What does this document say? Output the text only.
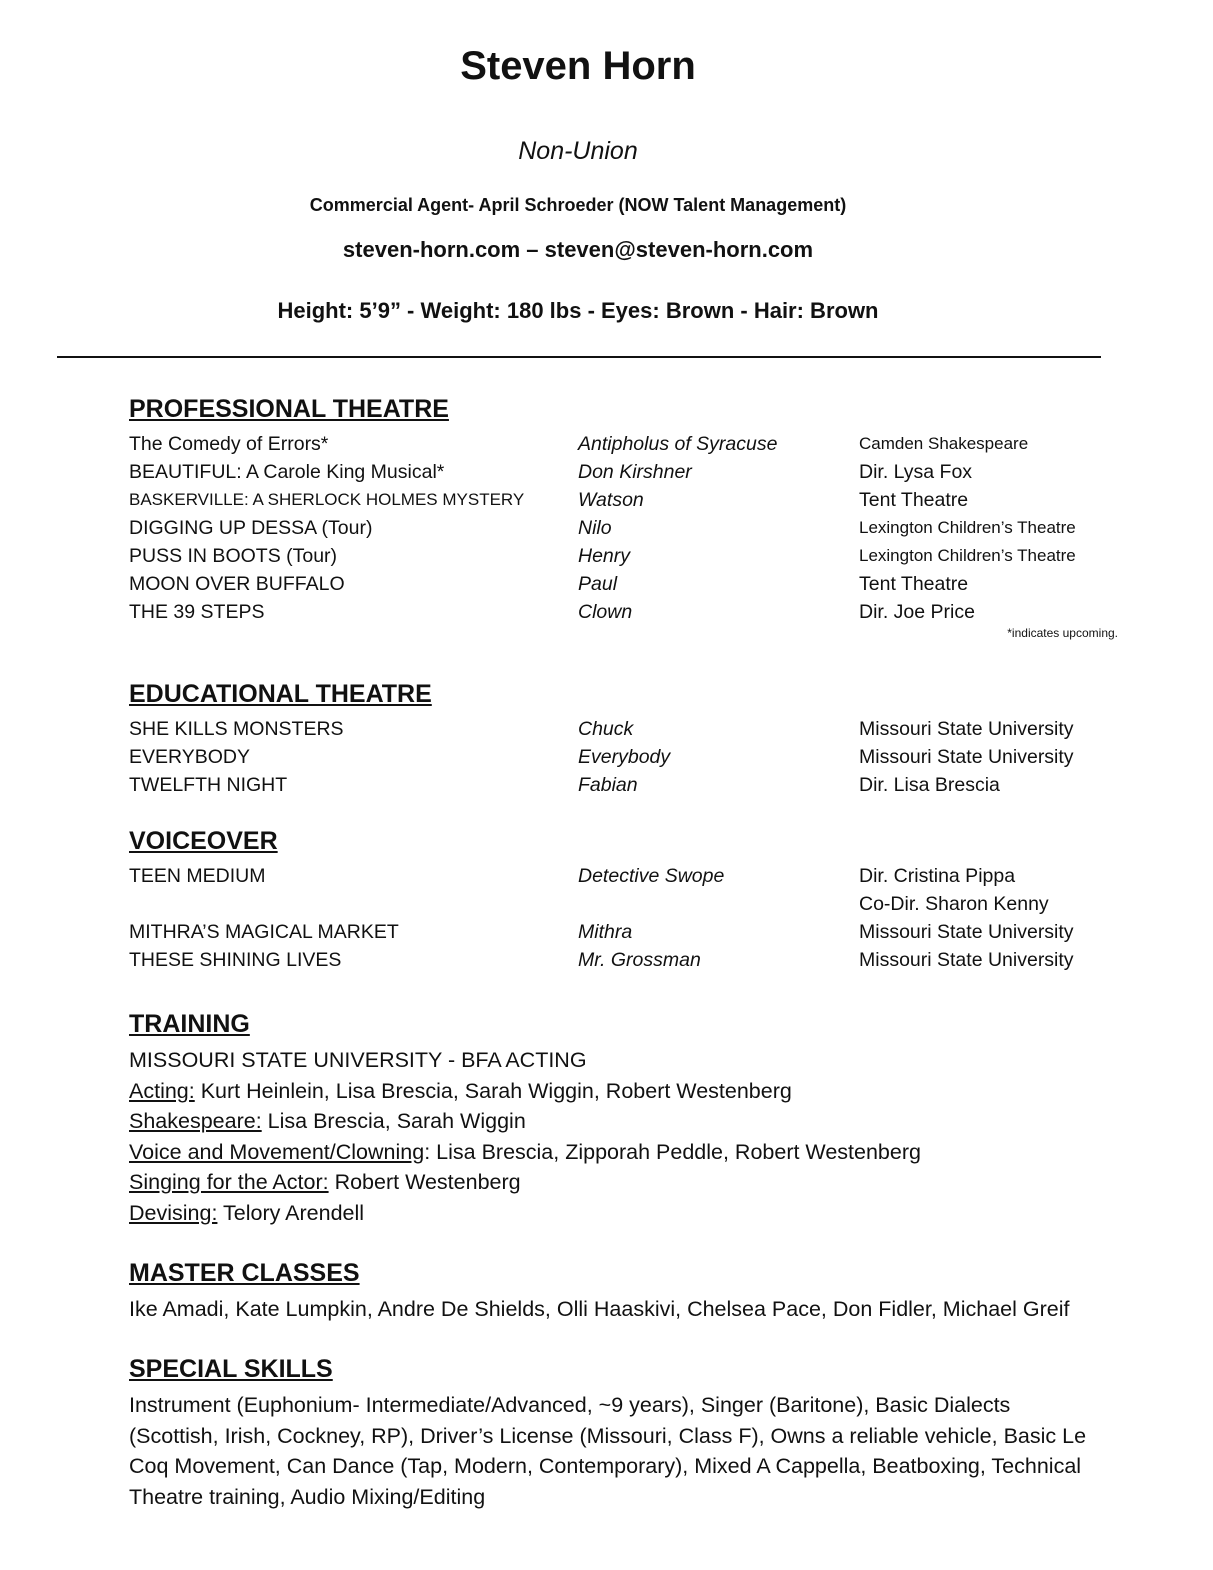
Steven Horn
Non-Union
Commercial Agent- April Schroeder (NOW Talent Management)
steven-horn.com – steven@steven-horn.com
Height: 5’9” - Weight: 180 lbs - Eyes: Brown - Hair: Brown
PROFESSIONAL THEATRE
The Comedy of Errors*	Antipholus of Syracuse	Camden Shakespeare
BEAUTIFUL: A Carole King Musical*	Don Kirshner	Dir. Lysa Fox
BASKERVILLE: A SHERLOCK HOLMES MYSTERY	Watson	Tent Theatre
DIGGING UP DESSA (Tour)	Nilo	Lexington Children’s Theatre
PUSS IN BOOTS (Tour)	Henry	Lexington Children’s Theatre
MOON OVER BUFFALO	Paul	Tent Theatre
THE 39 STEPS	Clown	Dir. Joe Price
*indicates upcoming.
EDUCATIONAL THEATRE
SHE KILLS MONSTERS	Chuck	Missouri State University
EVERYBODY	Everybody	Missouri State University
TWELFTH NIGHT	Fabian	Dir. Lisa Brescia
VOICEOVER
TEEN MEDIUM	Detective Swope	Dir. Cristina Pippa
Co-Dir. Sharon Kenny
MITHRA’S MAGICAL MARKET	Mithra	Missouri State University
THESE SHINING LIVES	Mr. Grossman	Missouri State University
TRAINING
MISSOURI STATE UNIVERSITY - BFA ACTING
Acting: Kurt Heinlein, Lisa Brescia, Sarah Wiggin, Robert Westenberg
Shakespeare: Lisa Brescia, Sarah Wiggin
Voice and Movement/Clowning: Lisa Brescia, Zipporah Peddle, Robert Westenberg
Singing for the Actor: Robert Westenberg
Devising: Telory Arendell
MASTER CLASSES
Ike Amadi, Kate Lumpkin, Andre De Shields, Olli Haaskivi, Chelsea Pace, Don Fidler, Michael Greif
SPECIAL SKILLS
Instrument (Euphonium- Intermediate/Advanced, ~9 years), Singer (Baritone), Basic Dialects (Scottish, Irish, Cockney, RP), Driver’s License (Missouri, Class F), Owns a reliable vehicle, Basic Le Coq Movement, Can Dance (Tap, Modern, Contemporary), Mixed A Cappella, Beatboxing, Technical Theatre training, Audio Mixing/Editing
